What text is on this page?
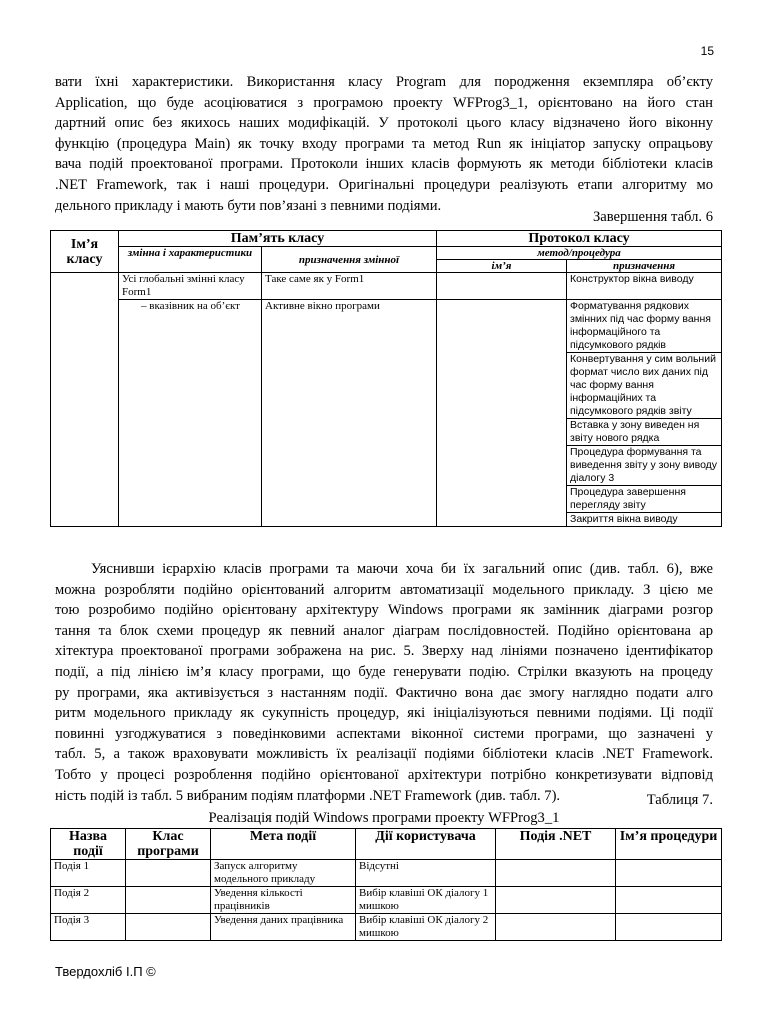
15
вати їхні характеристики. Використання класу Program для породження екземпляра об’єкту
Application, що буде асоціюватися з програмою проекту WFProg3_1, орієнтовано на його стан
дартний опис без якихось наших модифікацій. У протоколі цього класу відзначено його віконну
функцію (процедура Main) як точку входу програми та метод Run як ініціатор запуску опрацьову
вача подій проектованої програми. Протоколи інших класів формують як методи бібліотеки класів
.NET Framework, так і наші процедури. Оригінальні процедури реалізують етапи алгоритму мо
дельного прикладу і мають бути пов’язані з певними подіями.
Завершення табл. 6
Ім’я класу	Пам’ять класу		Протокол класу	
	змінна і характеристики	призначення змінної	метод/процедура	
			ім’я	призначення
	Усі глобальні змінні класу Form1	Таке саме як у Form1		Конструктор вікна виводу
	– вказівник на об’єкт	Активне вікно програми		Форматування рядкових змінних під час форму вання інформаційного та підсумкового рядків
				Конвертування у сим вольний формат число вих даних під час форму вання інформаційних та підсумкового рядків звіту
				Вставка у зону виведен ня звіту нового рядка
				Процедура формування та виведення звіту у зону виводу діалогу 3
				Процедура завершення перегляду звіту
				Закриття вікна виводу
Уяснивши ієрархію класів програми та маючи хоча би їх загальний опис (див. табл. 6), вже
можна розробляти подійно орієнтований алгоритм автоматизації модельного прикладу. З цією ме
тою розробимо подійно орієнтовану архітектуру Windows програми як замінник діаграми розгор
тання та блок схеми процедур як певний аналог діаграм послідовностей. Подійно орієнтована ар
хітектура проектованої програми зображена на рис. 5. Зверху над лініями позначено ідентифікатор
події, а під лінією ім’я класу програми, що буде генерувати подію. Стрілки вказують на процеду
ру програми, яка активізується з настанням події. Фактично вона дає змогу наглядно подати алго
ритм модельного прикладу як сукупність процедур, які ініціалізуються певними подіями. Ці події
повинні узгоджуватися з поведінковими аспектами віконної системи програми, що зазначені у
табл. 5, а також враховувати можливість їх реалізації подіями бібліотеки класів .NET Framework.
Тобто у процесі розроблення подійно орієнтованої архітектури потрібно конкретизувати відповід
ність подій із табл. 5 вибраним подіям платформи .NET Framework (див. табл. 7).	Таблиця 7.
Реалізація подій Windows програми проекту WFProg3_1
Назва події	Клас програми	Мета події	Дії користувача	Подія .NET	Ім’я процедури
Подія 1		Запуск алгоритму модельного прикладу	Відсутні		
Подія 2		Уведення кількості працівників	Вибір клавіші ОК діалогу 1 мишкою		
Подія 3		Уведення даних працівника	Вибір клавіші ОК діалогу 2 мишкою		
Твердохліб І.П ©
